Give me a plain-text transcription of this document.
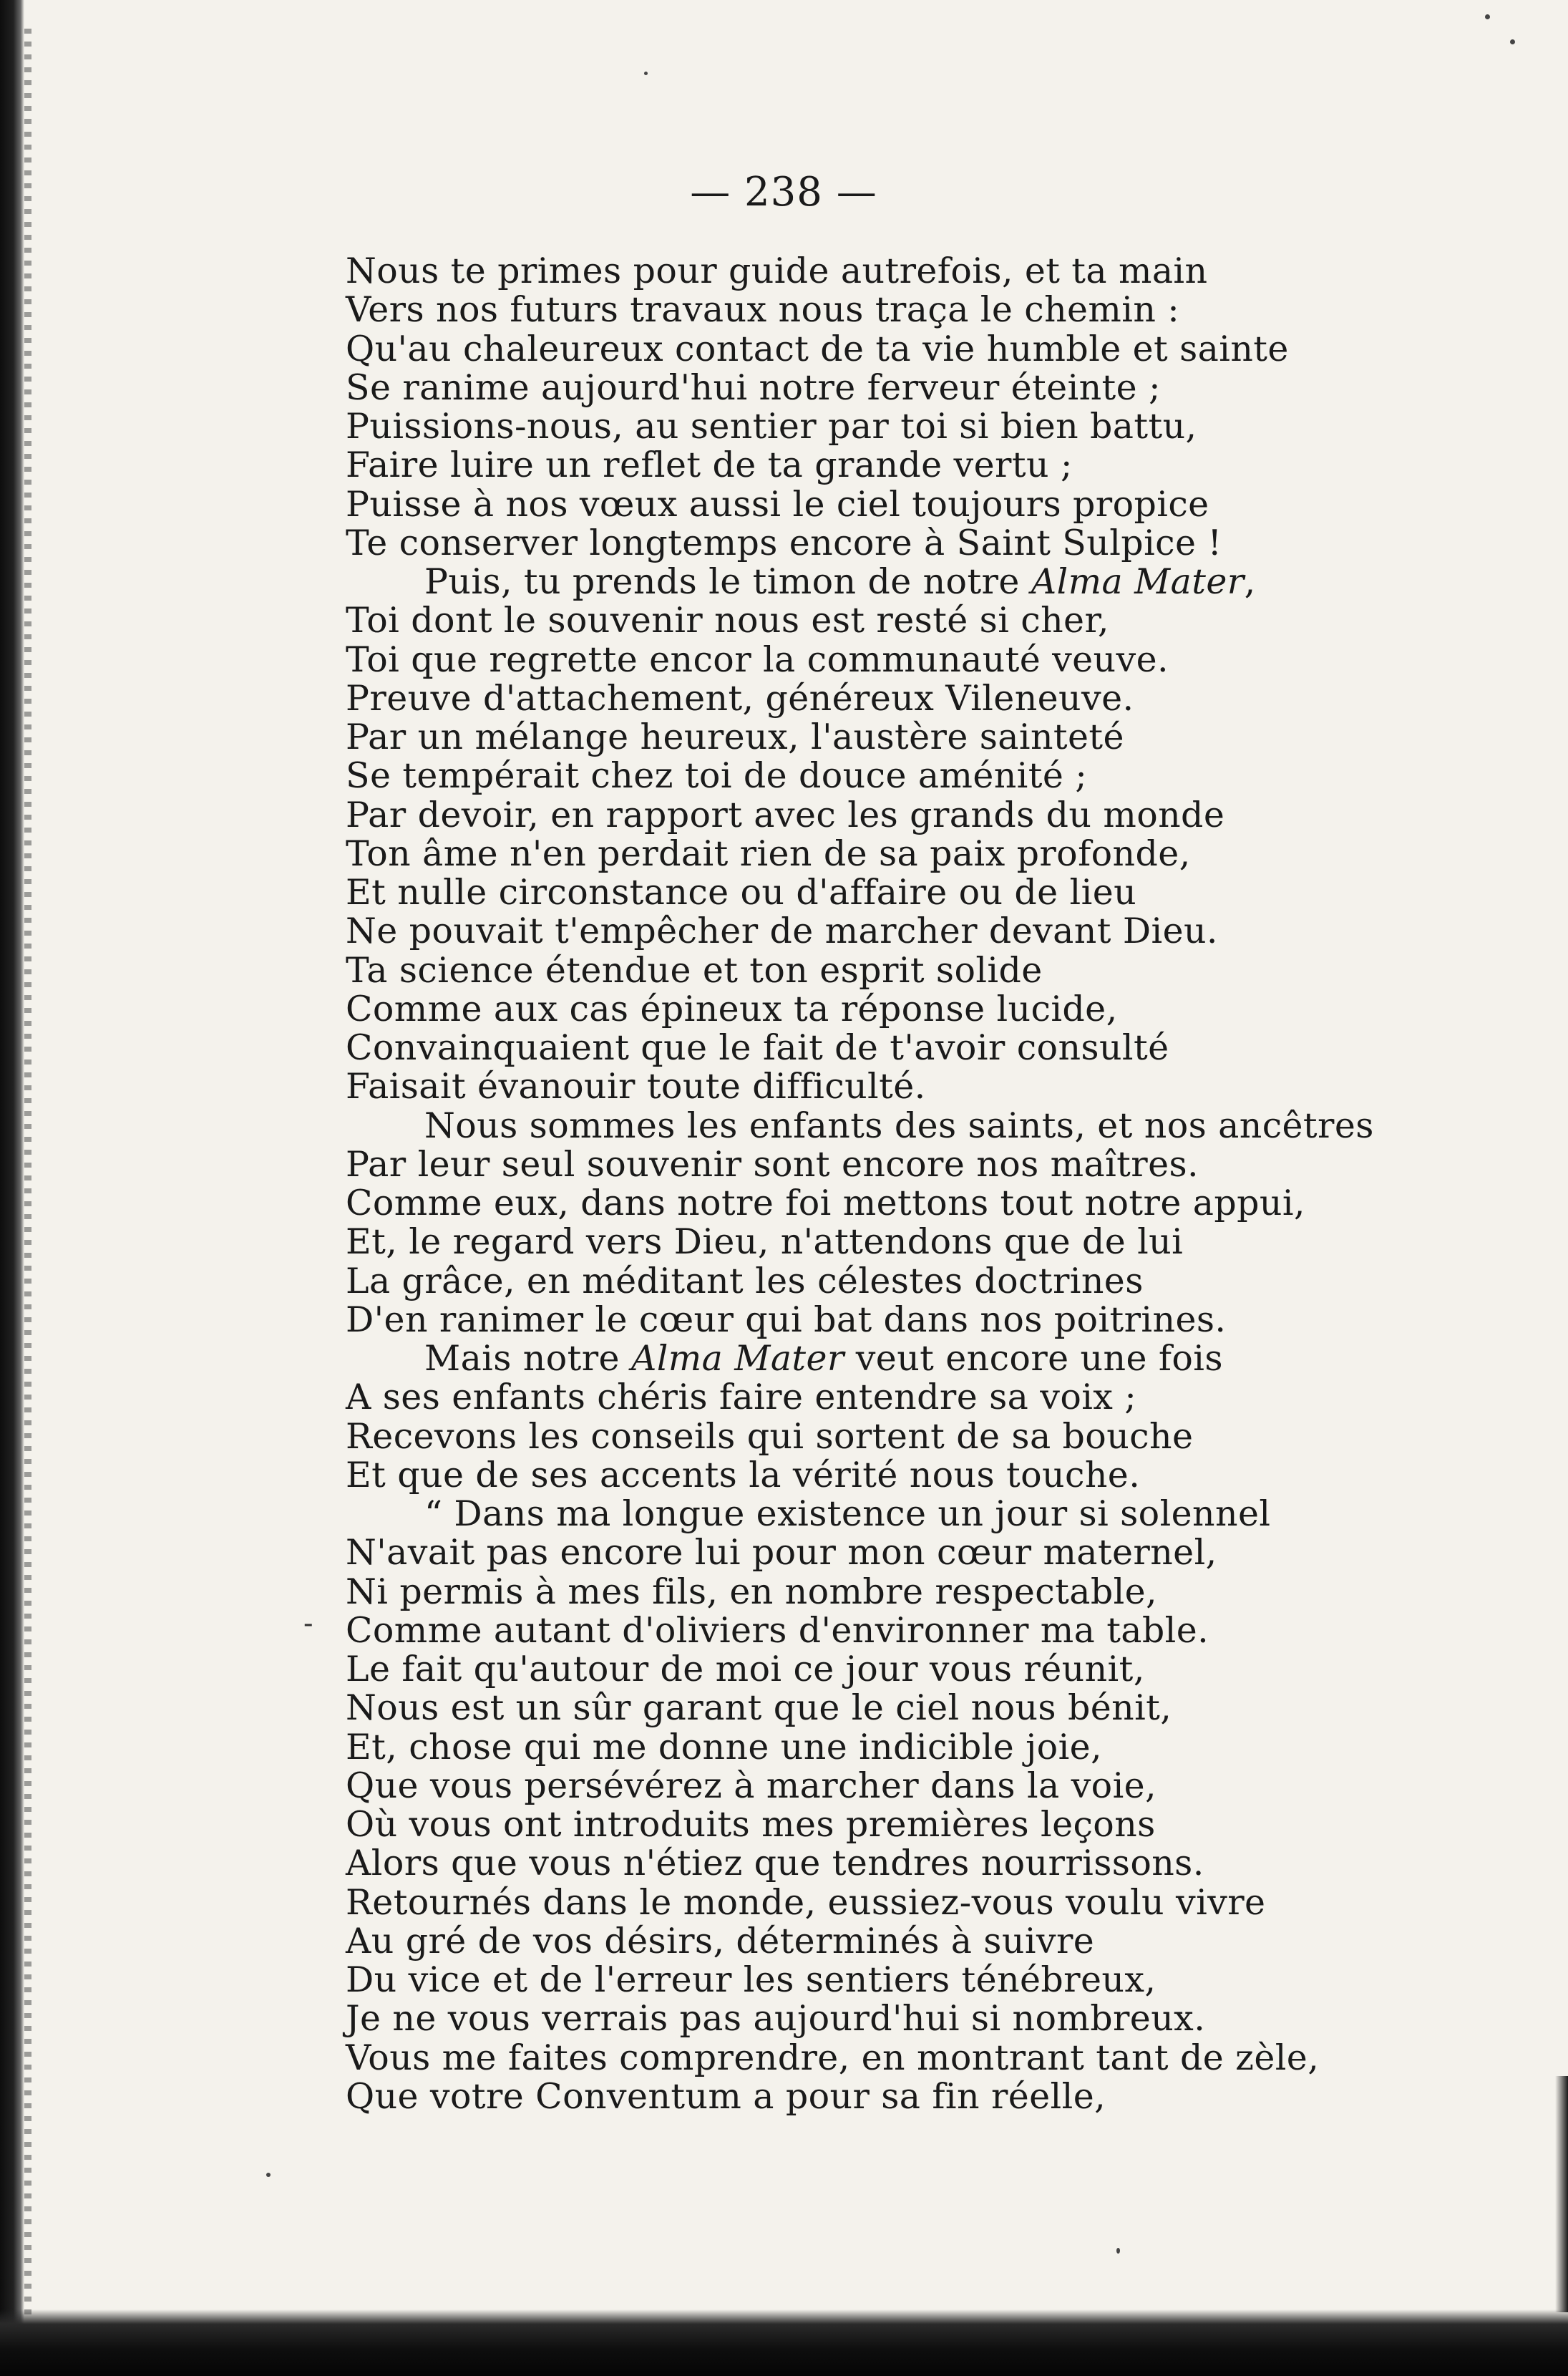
— 238 —
-
Nous te primes pour guide autrefois, et ta main
Vers nos futurs travaux nous traça le chemin :
Qu'au chaleureux contact de ta vie humble et sainte
Se ranime aujourd'hui notre ferveur éteinte ;
Puissions-nous, au sentier par toi si bien battu,
Faire luire un reflet de ta grande vertu ;
Puisse à nos vœux aussi le ciel toujours propice
Te conserver longtemps encore à Saint Sulpice !
Puis, tu prends le timon de notre Alma Mater,
Toi dont le souvenir nous est resté si cher,
Toi que regrette encor la communauté veuve.
Preuve d'attachement, généreux Vileneuve.
Par un mélange heureux, l'austère sainteté
Se tempérait chez toi de douce aménité ;
Par devoir, en rapport avec les grands du monde
Ton âme n'en perdait rien de sa paix profonde,
Et nulle circonstance ou d'affaire ou de lieu
Ne pouvait t'empêcher de marcher devant Dieu.
Ta science étendue et ton esprit solide
Comme aux cas épineux ta réponse lucide,
Convainquaient que le fait de t'avoir consulté
Faisait évanouir toute difficulté.
Nous sommes les enfants des saints, et nos ancêtres
Par leur seul souvenir sont encore nos maîtres.
Comme eux, dans notre foi mettons tout notre appui,
Et, le regard vers Dieu, n'attendons que de lui
La grâce, en méditant les célestes doctrines
D'en ranimer le cœur qui bat dans nos poitrines.
Mais notre Alma Mater veut encore une fois
A ses enfants chéris faire entendre sa voix ;
Recevons les conseils qui sortent de sa bouche
Et que de ses accents la vérité nous touche.
“ Dans ma longue existence un jour si solennel
N'avait pas encore lui pour mon cœur maternel,
Ni permis à mes fils, en nombre respectable,
Comme autant d'oliviers d'environner ma table.
Le fait qu'autour de moi ce jour vous réunit,
Nous est un sûr garant que le ciel nous bénit,
Et, chose qui me donne une indicible joie,
Que vous persévérez à marcher dans la voie,
Où vous ont introduits mes premières leçons
Alors que vous n'étiez que tendres nourrissons.
Retournés dans le monde, eussiez-vous voulu vivre
Au gré de vos désirs, déterminés à suivre
Du vice et de l'erreur les sentiers ténébreux,
Je ne vous verrais pas aujourd'hui si nombreux.
Vous me faites comprendre, en montrant tant de zèle,
Que votre Conventum a pour sa fin réelle,
